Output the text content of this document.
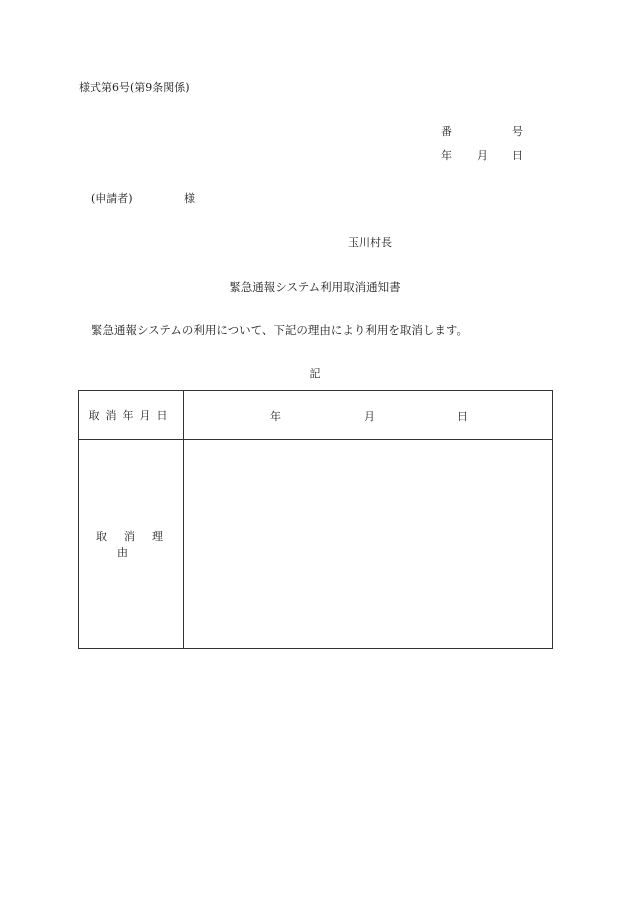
様式第6号(第9条関係)
番	号
年 月 日
(申請者)	様
玉川村長
緊急通報システム利用取消通知書
緊急通報システムの利用について、下記の理由により利用を取消します。
記
取消年月日	年 月 日

取消理由	
